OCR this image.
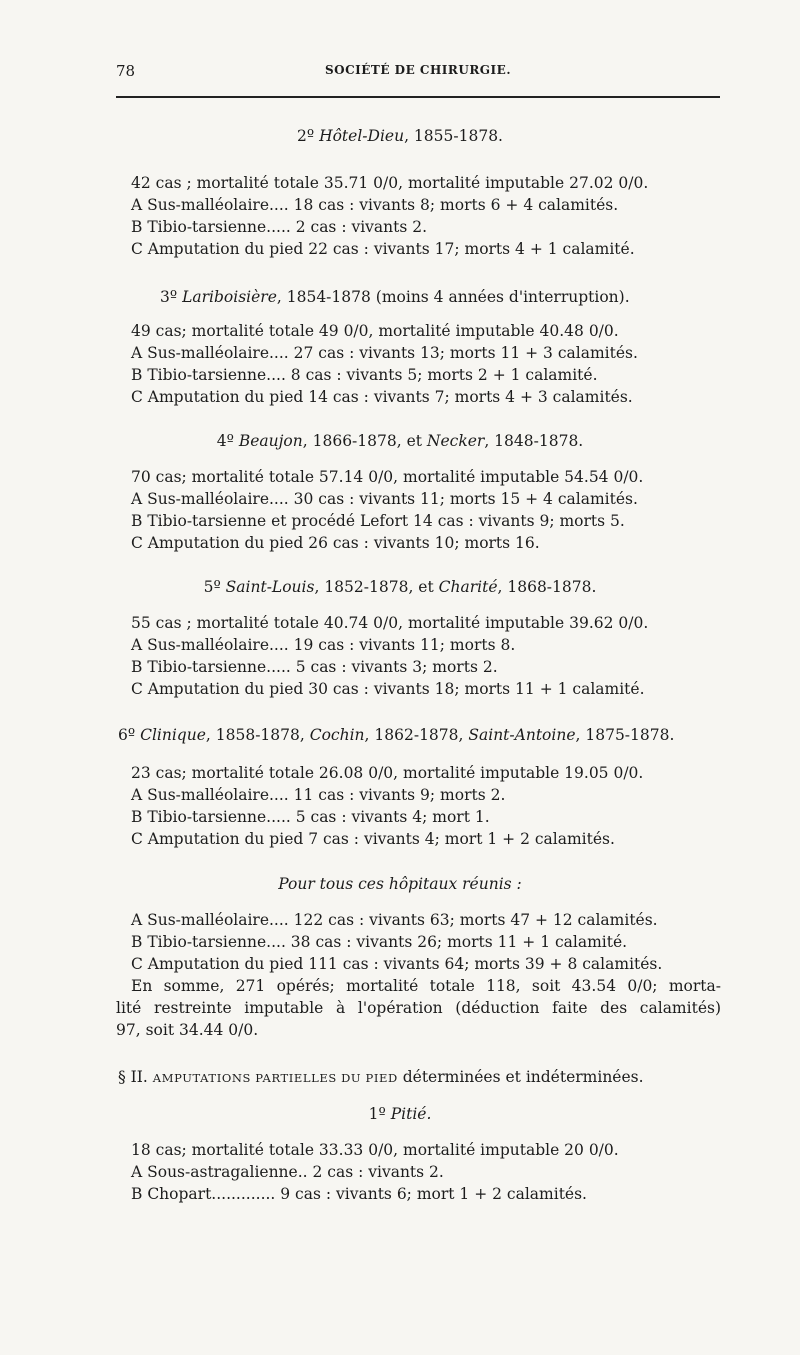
78	SOCIÉTÉ DE CHIRURGIE.
2º Hôtel-Dieu, 1855-1878.
42 cas ; mortalité totale 35.71 0/0, mortalité imputable 27.02 0/0.
A Sus-malléolaire.... 18 cas : vivants 8; morts 6 + 4 calamités.
B Tibio-tarsienne..... 2 cas : vivants 2.
C Amputation du pied 22 cas : vivants 17; morts 4 + 1 calamité.
3º Lariboisière, 1854-1878 (moins 4 années d'interruption).
49 cas; mortalité totale 49 0/0, mortalité imputable 40.48 0/0.
A Sus-malléolaire.... 27 cas : vivants 13; morts 11 + 3 calamités.
B Tibio-tarsienne.... 8 cas : vivants 5; morts 2 + 1 calamité.
C Amputation du pied 14 cas : vivants 7; morts 4 + 3 calamités.
4º Beaujon, 1866-1878, et Necker, 1848-1878.
70 cas; mortalité totale 57.14 0/0, mortalité imputable 54.54 0/0.
A Sus-malléolaire.... 30 cas : vivants 11; morts 15 + 4 calamités.
B Tibio-tarsienne et procédé Lefort 14 cas : vivants 9; morts 5.
C Amputation du pied 26 cas : vivants 10; morts 16.
5º Saint-Louis, 1852-1878, et Charité, 1868-1878.
55 cas ; mortalité totale 40.74 0/0, mortalité imputable 39.62 0/0.
A Sus-malléolaire.... 19 cas : vivants 11; morts 8.
B Tibio-tarsienne..... 5 cas : vivants 3; morts 2.
C Amputation du pied 30 cas : vivants 18; morts 11 + 1 calamité.
6º Clinique, 1858-1878, Cochin, 1862-1878, Saint-Antoine, 1875-1878.
23 cas; mortalité totale 26.08 0/0, mortalité imputable 19.05 0/0.
A Sus-malléolaire.... 11 cas : vivants 9; morts 2.
B Tibio-tarsienne..... 5 cas : vivants 4; mort 1.
C Amputation du pied 7 cas : vivants 4; mort 1 + 2 calamités.
Pour tous ces hôpitaux réunis :
A Sus-malléolaire.... 122 cas : vivants 63; morts 47 + 12 calamités.
B Tibio-tarsienne.... 38 cas : vivants 26; morts 11 + 1 calamité.
C Amputation du pied 111 cas : vivants 64; morts 39 + 8 calamités.
En somme, 271 opérés; mortalité totale 118, soit 43.54 0/0; morta-
lité restreinte imputable à l'opération (déduction faite des calamités)
97, soit 34.44 0/0.
§ II. AMPUTATIONS PARTIELLES DU PIED déterminées et indéterminées.
1º Pitié.
18 cas; mortalité totale 33.33 0/0, mortalité imputable 20 0/0.
A Sous-astragalienne.. 2 cas : vivants 2.
B Chopart............. 9 cas : vivants 6; mort 1 + 2 calamités.
